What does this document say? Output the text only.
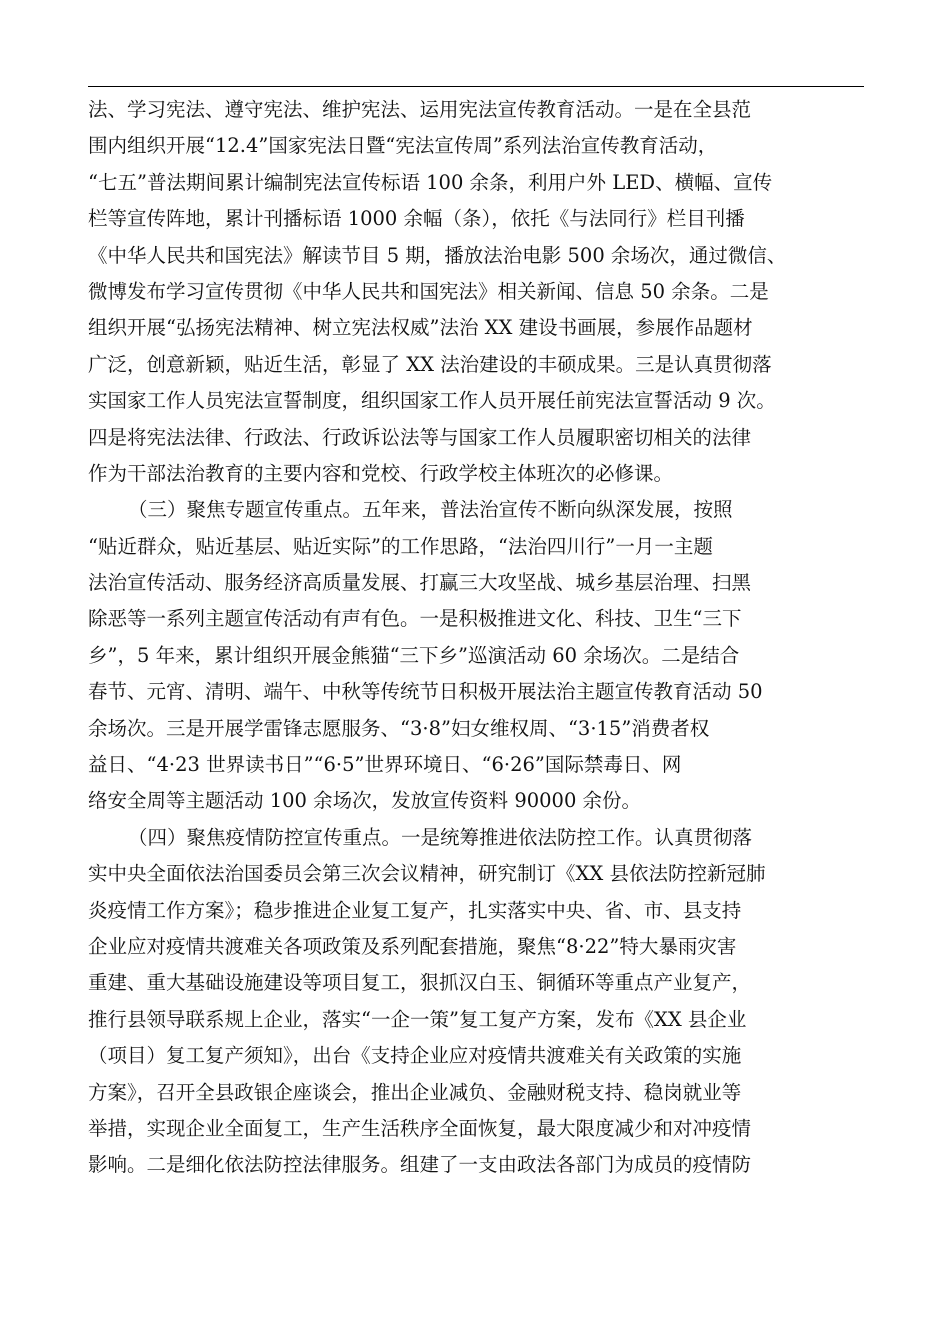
法、学习宪法、遵守宪法、维护宪法、运用宪法宣传教育活动。一是在全县范
围内组织开展“12.4”国家宪法日暨“宪法宣传周”系列法治宣传教育活动，
“七五”普法期间累计编制宪法宣传标语 100 余条，利用户外 LED、横幅、宣传
栏等宣传阵地，累计刊播标语 1000 余幅（条），依托《与法同行》栏目刊播
《中华人民共和国宪法》解读节目 5 期，播放法治电影 500 余场次，通过微信、
微博发布学习宣传贯彻《中华人民共和国宪法》相关新闻、信息 50 余条。二是
组织开展“弘扬宪法精神、树立宪法权威”法治 XX 建设书画展，参展作品题材
广泛，创意新颖，贴近生活，彰显了 XX 法治建设的丰硕成果。三是认真贯彻落
实国家工作人员宪法宣誓制度，组织国家工作人员开展任前宪法宣誓活动 9 次。
四是将宪法法律、行政法、行政诉讼法等与国家工作人员履职密切相关的法律
作为干部法治教育的主要内容和党校、行政学校主体班次的必修课。
（三）聚焦专题宣传重点。五年来，普法治宣传不断向纵深发展，按照
“贴近群众，贴近基层、贴近实际”的工作思路，“法治四川行”一月一主题
法治宣传活动、服务经济高质量发展、打赢三大攻坚战、城乡基层治理、扫黑
除恶等一系列主题宣传活动有声有色。一是积极推进文化、科技、卫生“三下
乡”，5 年来，累计组织开展金熊猫“三下乡”巡演活动 60 余场次。二是结合
春节、元宵、清明、端午、中秋等传统节日积极开展法治主题宣传教育活动 50
余场次。三是开展学雷锋志愿服务、“3·8”妇女维权周、“3·15”消费者权
益日、“4·23 世界读书日”“6·5”世界环境日、“6·26”国际禁毒日、网
络安全周等主题活动 100 余场次，发放宣传资料 90000 余份。
（四）聚焦疫情防控宣传重点。一是统筹推进依法防控工作。认真贯彻落
实中央全面依法治国委员会第三次会议精神，研究制订《XX 县依法防控新冠肺
炎疫情工作方案》；稳步推进企业复工复产，扎实落实中央、省、市、县支持
企业应对疫情共渡难关各项政策及系列配套措施，聚焦“8·22”特大暴雨灾害
重建、重大基础设施建设等项目复工，狠抓汉白玉、铜循环等重点产业复产，
推行县领导联系规上企业，落实“一企一策”复工复产方案，发布《XX 县企业
（项目）复工复产须知》，出台《支持企业应对疫情共渡难关有关政策的实施
方案》，召开全县政银企座谈会，推出企业减负、金融财税支持、稳岗就业等
举措，实现企业全面复工，生产生活秩序全面恢复，最大限度减少和对冲疫情
影响。二是细化依法防控法律服务。组建了一支由政法各部门为成员的疫情防
